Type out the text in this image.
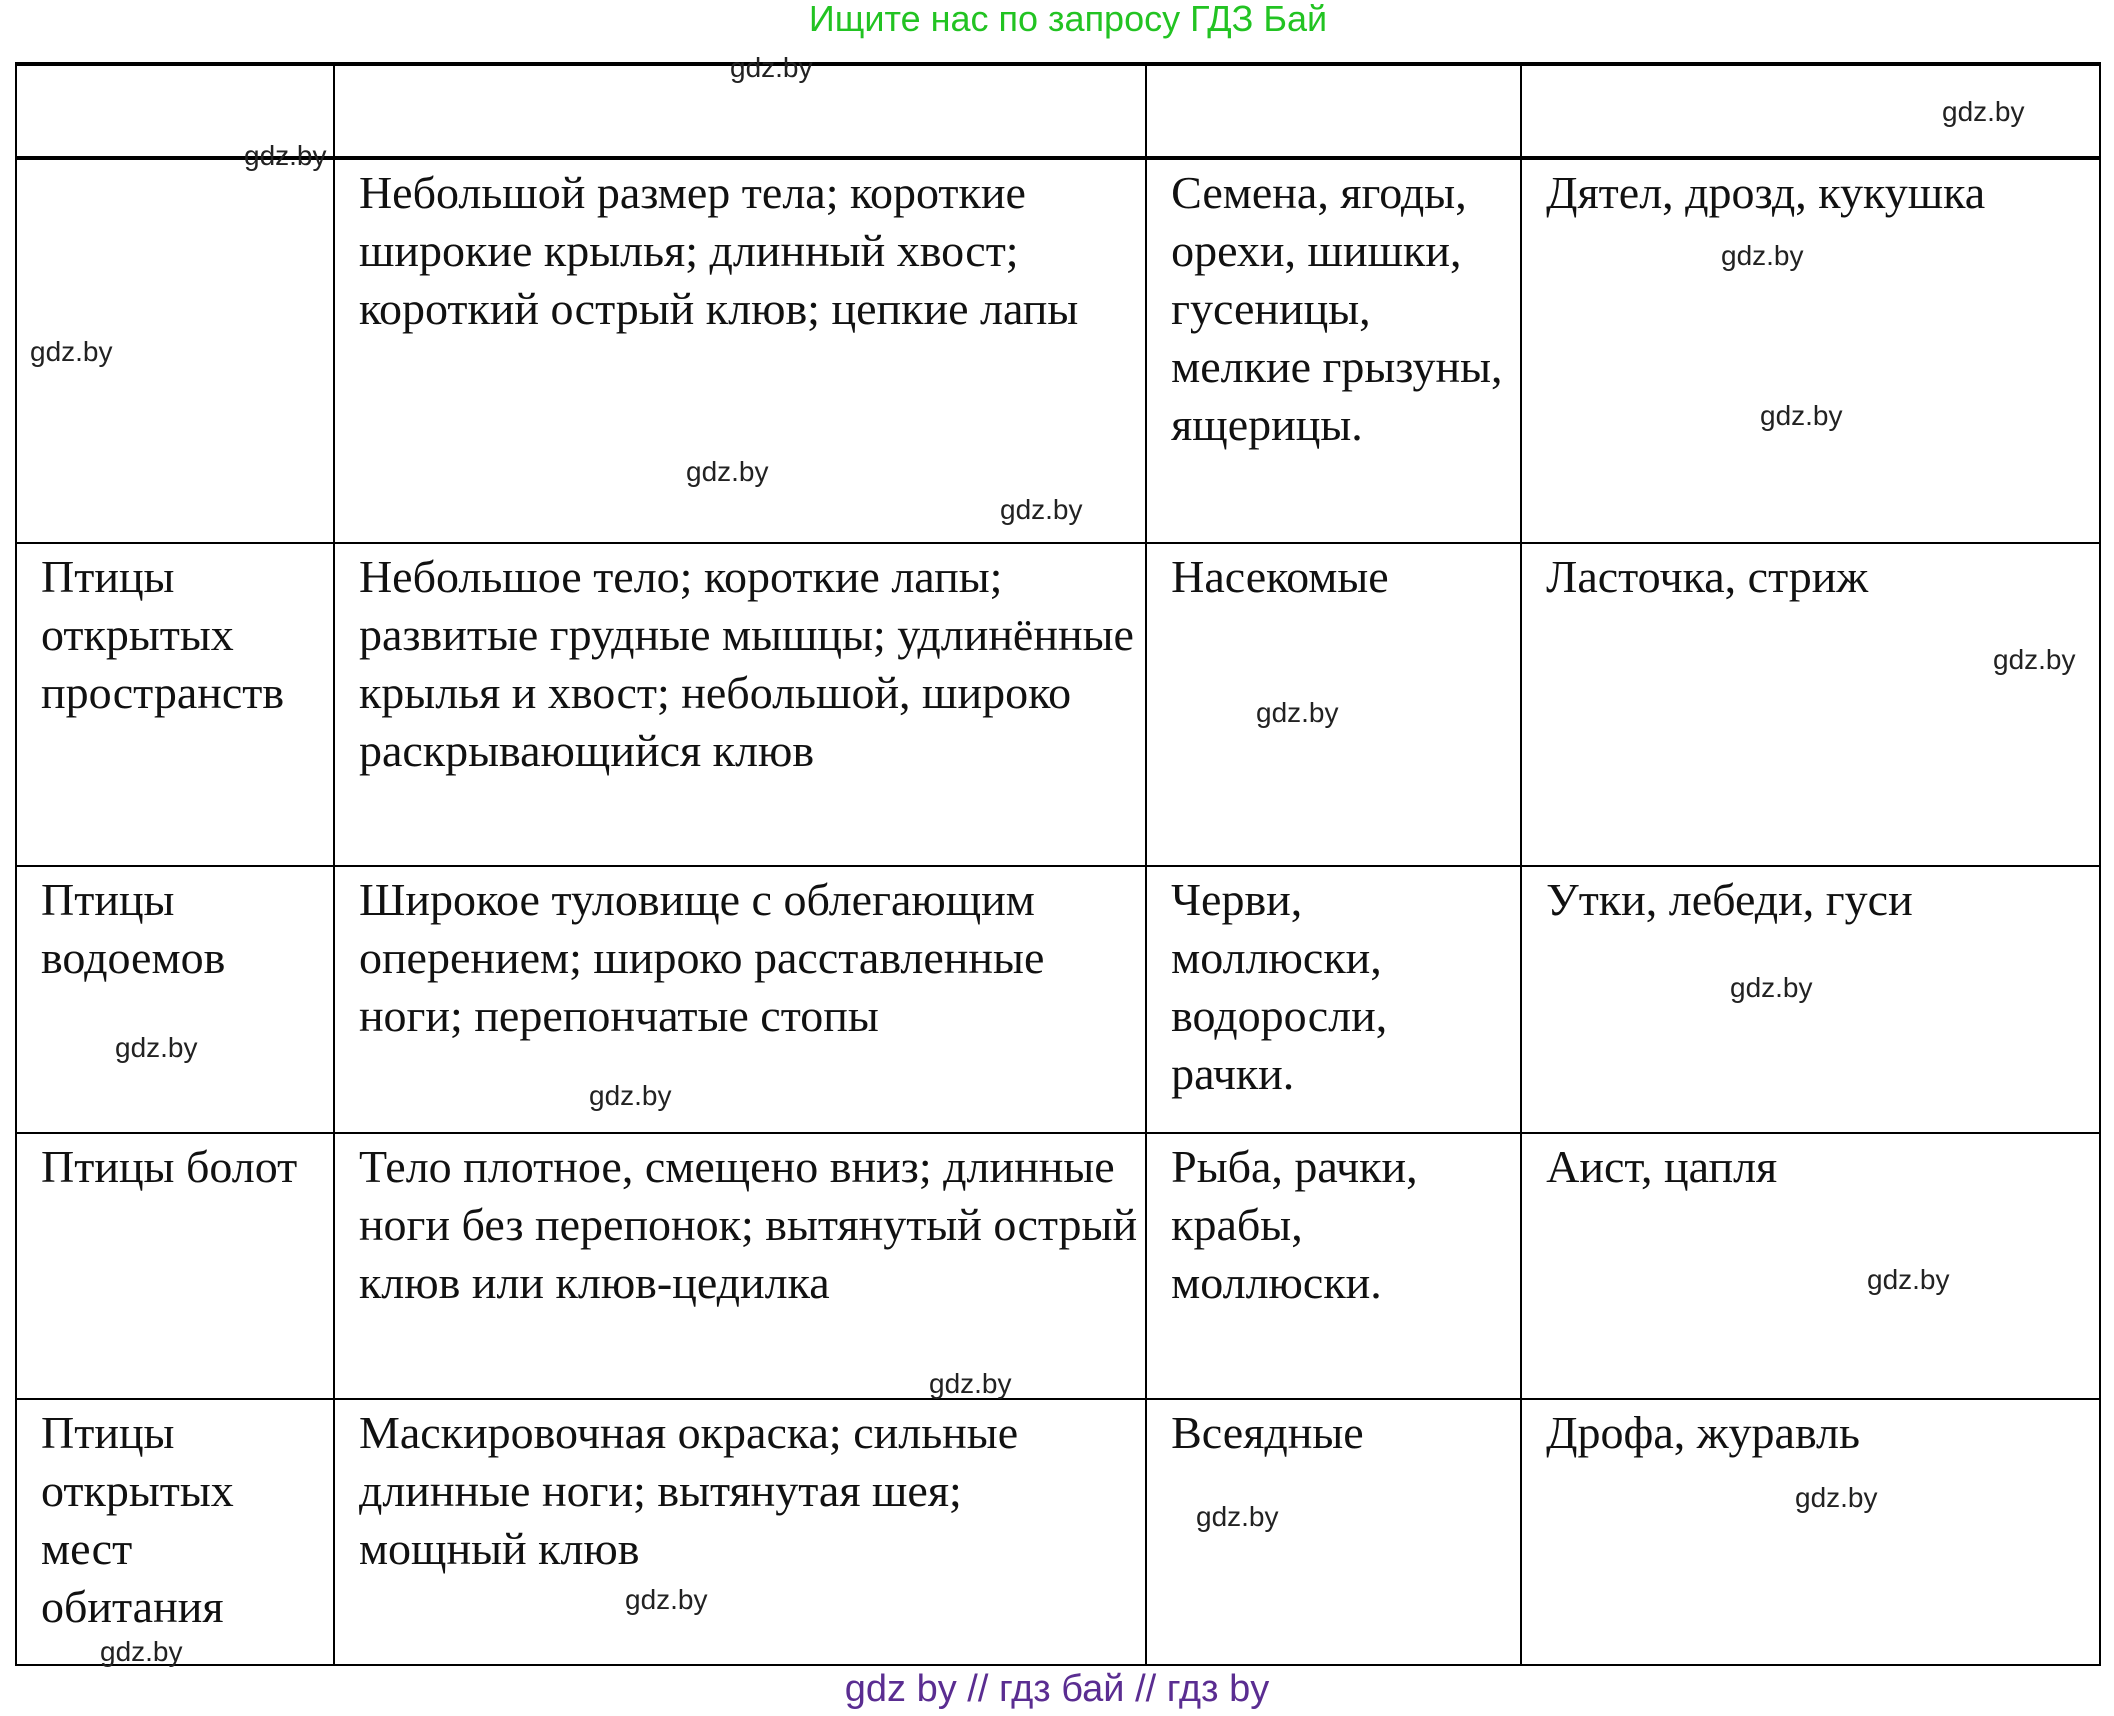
Ищите нас по запросу ГДЗ Бай

	Небольшой размер тела; короткие широкие крылья; длинный хвост; короткий острый клюв; цепкие лапы	Семена, ягоды, орехи, шишки, гусеницы, мелкие грызуны, ящерицы.	Дятел, дрозд, кукушка
Птицы открытых пространств	Небольшое тело; короткие лапы; развитые грудные мышцы; удлинённые крылья и хвост; небольшой, широко раскрывающийся клюв	Насекомые	Ласточка, стриж
Птицы водоемов	Широкое туловище с облегающим оперением; широко расставленные ноги; перепончатые стопы	Черви, моллюски, водоросли, рачки.	Утки, лебеди, гуси
Птицы болот	Тело плотное, смещено вниз; длинные ноги без перепонок; вытянутый острый клюв или клюв-цедилка	Рыба, рачки, крабы, моллюски.	Аист, цапля
Птицы открытых мест обитания	Маскировочная окраска; сильные длинные ноги; вытянутая шея; мощный клюв	Всеядные	Дрофа, журавль
gdz.by
gdz.by
gdz.by
gdz.by
gdz.by
gdz.by
gdz.by
gdz.by
gdz.by
gdz.by
gdz.by
gdz.by
gdz.by
gdz.by
gdz.by
gdz.by
gdz.by
gdz.by
gdz.by
gdz by // гдз бай // гдз by
